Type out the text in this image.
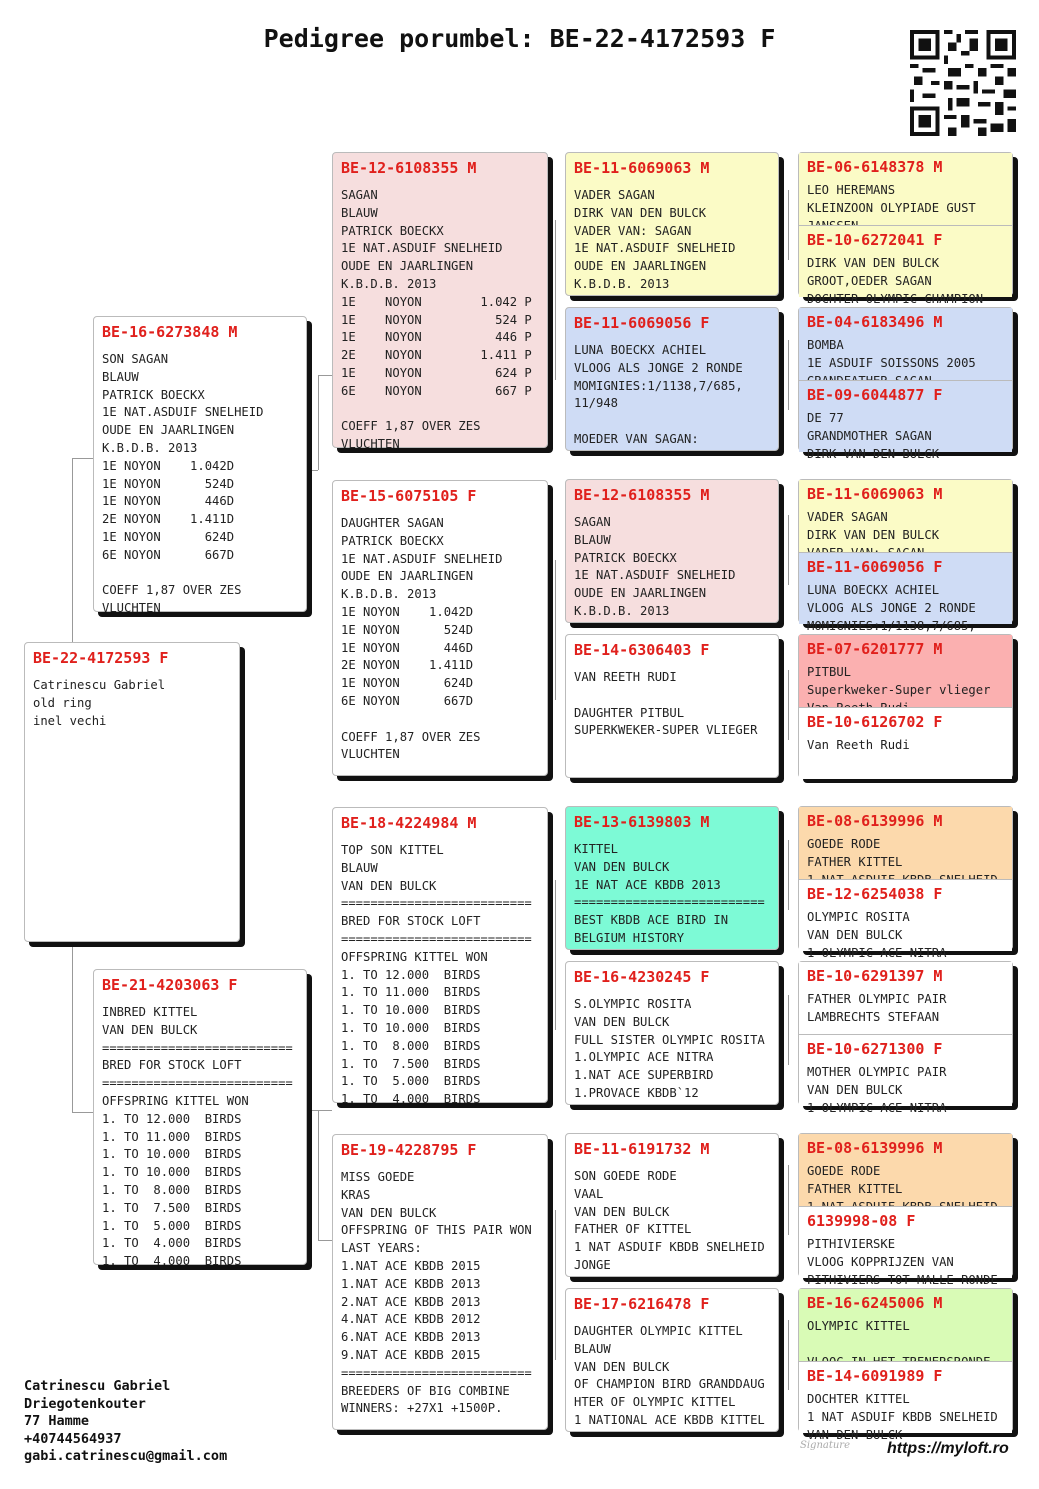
Pedigree porumbel: BE-22-4172593 F
BE-22-4172593 F
Catrinescu Gabriel
old ring
inel vechi
BE-16-6273848 M
SON SAGAN
BLAUW
PATRICK BOECKX
1E NAT.ASDUIF SNELHEID
OUDE EN JAARLINGEN
K.B.D.B. 2013
1E NOYON    1.042D
1E NOYON      524D
1E NOYON      446D
2E NOYON    1.411D
1E NOYON      624D
6E NOYON      667D

COEFF 1,87 OVER ZES
VLUCHTEN
BE-21-4203063 F
INBRED KITTEL
VAN DEN BULCK
==========================
BRED FOR STOCK LOFT
==========================
OFFSPRING KITTEL WON
1. TO 12.000  BIRDS
1. TO 11.000  BIRDS
1. TO 10.000  BIRDS
1. TO 10.000  BIRDS
1. TO  8.000  BIRDS
1. TO  7.500  BIRDS
1. TO  5.000  BIRDS
1. TO  4.000  BIRDS
1. TO  4.000  BIRDS
BE-12-6108355 M
SAGAN
BLAUW
PATRICK BOECKX
1E NAT.ASDUIF SNELHEID
OUDE EN JAARLINGEN
K.B.D.B. 2013
1E    NOYON        1.042 P
1E    NOYON          524 P
1E    NOYON          446 P
2E    NOYON        1.411 P
1E    NOYON          624 P
6E    NOYON          667 P

COEFF 1,87 OVER ZES
VLUCHTEN
BE-15-6075105 F
DAUGHTER SAGAN
PATRICK BOECKX
1E NAT.ASDUIF SNELHEID
OUDE EN JAARLINGEN
K.B.D.B. 2013
1E NOYON    1.042D
1E NOYON      524D
1E NOYON      446D
2E NOYON    1.411D
1E NOYON      624D
6E NOYON      667D

COEFF 1,87 OVER ZES
VLUCHTEN
BE-18-4224984 M
TOP SON KITTEL
BLAUW
VAN DEN BULCK
==========================
BRED FOR STOCK LOFT
==========================
OFFSPRING KITTEL WON
1. TO 12.000  BIRDS
1. TO 11.000  BIRDS
1. TO 10.000  BIRDS
1. TO 10.000  BIRDS
1. TO  8.000  BIRDS
1. TO  7.500  BIRDS
1. TO  5.000  BIRDS
1. TO  4.000  BIRDS
BE-19-4228795 F
MISS GOEDE
KRAS
VAN DEN BULCK
OFFSPRING OF THIS PAIR WON
LAST YEARS:
1.NAT ACE KBDB 2015
1.NAT ACE KBDB 2013
2.NAT ACE KBDB 2013
4.NAT ACE KBDB 2012
6.NAT ACE KBDB 2013
9.NAT ACE KBDB 2015
==========================
BREEDERS OF BIG COMBINE
WINNERS: +27X1 +1500P.
BE-11-6069063 M
VADER SAGAN
DIRK VAN DEN BULCK
VADER VAN: SAGAN
1E NAT.ASDUIF SNELHEID
OUDE EN JAARLINGEN
K.B.D.B. 2013
BE-11-6069056 F
LUNA BOECKX ACHIEL
VLOOG ALS JONGE 2 RONDE
MOMIGNIES:1/1138,7/685,
11/948

MOEDER VAN SAGAN:
BE-12-6108355 M
SAGAN
BLAUW
PATRICK BOECKX
1E NAT.ASDUIF SNELHEID
OUDE EN JAARLINGEN
K.B.D.B. 2013
BE-14-6306403 F
VAN REETH RUDI

DAUGHTER PITBUL
SUPERKWEKER-SUPER VLIEGER
BE-13-6139803 M
KITTEL
VAN DEN BULCK
1E NAT ACE KBDB 2013
==========================
BEST KBDB ACE BIRD IN
BELGIUM HISTORY
BE-16-4230245 F
S.OLYMPIC ROSITA
VAN DEN BULCK
FULL SISTER OLYMPIC ROSITA
1.OLYMPIC ACE NITRA
1.NAT ACE SUPERBIRD
1.PROVACE KBDB`12
BE-11-6191732 M
SON GOEDE RODE
VAAL
VAN DEN BULCK
FATHER OF KITTEL
1 NAT ASDUIF KBDB SNELHEID
JONGE
BE-17-6216478 F
DAUGHTER OLYMPIC KITTEL
BLAUW
VAN DEN BULCK
OF CHAMPION BIRD GRANDDAUG
HTER OF OLYMPIC KITTEL
1 NATIONAL ACE KBDB KITTEL
BE-06-6148378 M
LEO HEREMANS
KLEINZOON OLYPIADE GUST

BE-10-6272041 F
DIRK VAN DEN BULCK
GROOT,OEDER SAGAN
DOCHTER OLYMPIC CHAMPION
BE-04-6183496 M
BOMBA
1E ASDUIF SOISSONS 2005

BE-09-6044877 F
DE 77
GRANDMOTHER SAGAN
DIRK VAN DEN BULCK
BE-11-6069063 M
VADER SAGAN
DIRK VAN DEN BULCK

BE-11-6069056 F
LUNA BOECKX ACHIEL
VLOOG ALS JONGE 2 RONDE
MOMIGNIES:1/1138,7/685,
BE-07-6201777 M
PITBUL
Superkweker-Super vlieger

BE-10-6126702 F
Van Reeth Rudi
BE-08-6139996 M
GOEDE RODE
FATHER KITTEL

BE-12-6254038 F
OLYMPIC ROSITA
VAN DEN BULCK
1 OLYMPIC ACE NITRA
BE-10-6291397 M
FATHER OLYMPIC PAIR
LAMBRECHTS STEFAAN
BE-10-6271300 F
MOTHER OLYMPIC PAIR
VAN DEN BULCK
1 OLYMPIC ACE NITRA
BE-08-6139996 M
GOEDE RODE
FATHER KITTEL

6139998-08 F
PITHIVIERSKE
VLOOG KOPPRIJZEN VAN
PITHIVIERS TOT MALLE RONDE
BE-16-6245006 M
OLYMPIC KITTEL

BE-14-6091989 F
DOCHTER KITTEL
1 NAT ASDUIF KBDB SNELHEID
VAN DEN BULCK
Catrinescu Gabriel
Driegotenkouter
77 Hamme
+40744564937
gabi.catrinescu@gmail.com
Signature https://myloft.ro
